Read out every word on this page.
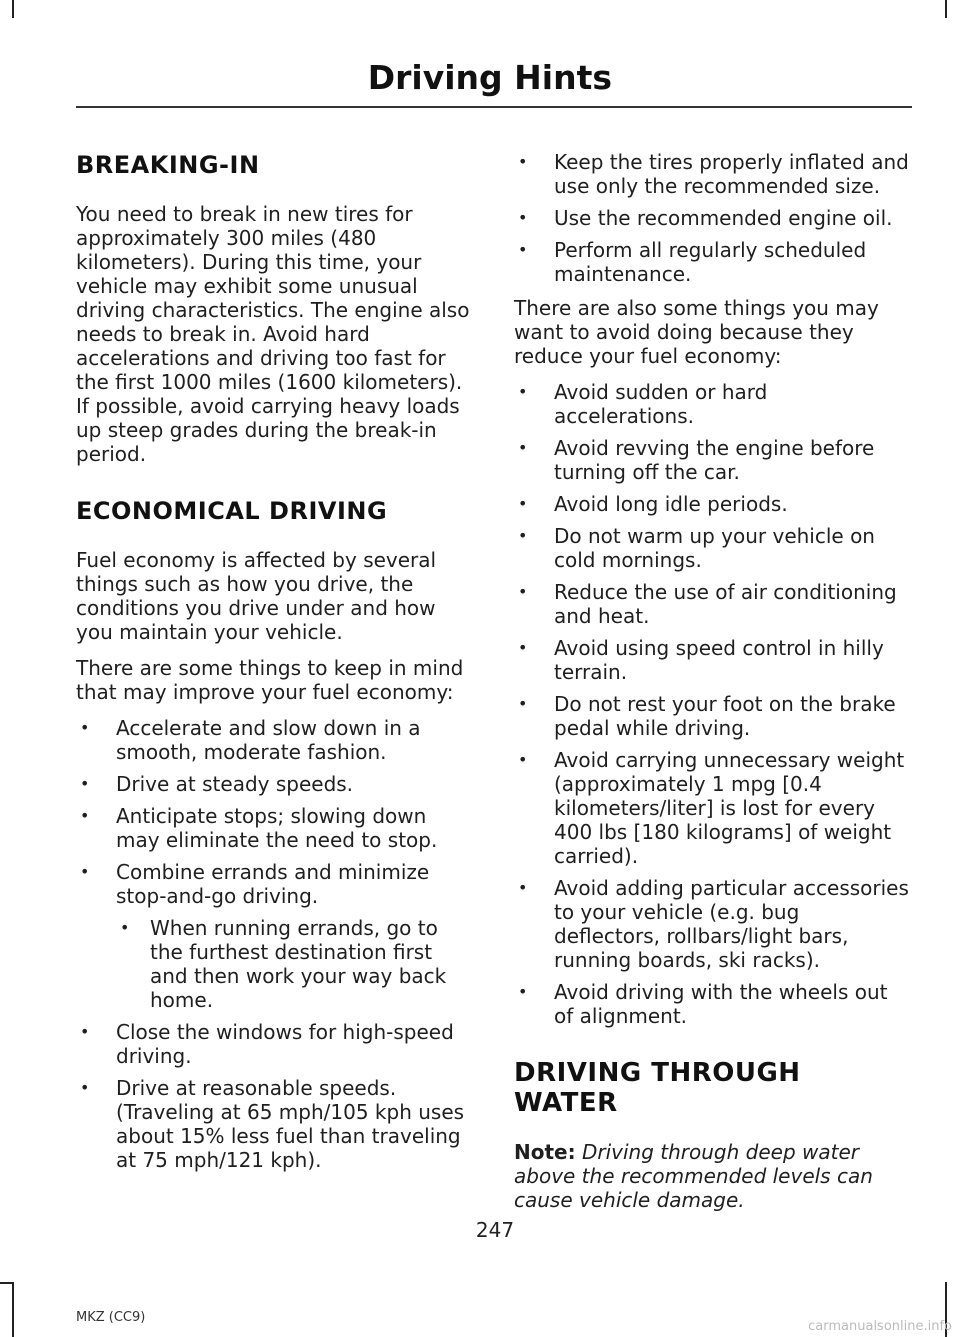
Driving Hints
BREAKING-IN

You need to break in new tires for approximately 300 miles (480 kilometers). During this time, your vehicle may exhibit some unusual driving characteristics. The engine also needs to break in. Avoid hard accelerations and driving too fast for the first 1000 miles (1600 kilometers). If possible, avoid carrying heavy loads up steep grades during the break-in period.

ECONOMICAL DRIVING

Fuel economy is affected by several things such as how you drive, the conditions you drive under and how you maintain your vehicle.

There are some things to keep in mind that may improve your fuel economy:

• Accelerate and slow down in a smooth, moderate fashion.
• Drive at steady speeds.
• Anticipate stops; slowing down may eliminate the need to stop.
• Combine errands and minimize stop-and-go driving.
• When running errands, go to the furthest destination first and then work your way back home.
• Close the windows for high-speed driving.
• Drive at reasonable speeds. (Traveling at 65 mph/105 kph uses about 15% less fuel than traveling at 75 mph/121 kph).
• Keep the tires properly inflated and use only the recommended size.
• Use the recommended engine oil.
• Perform all regularly scheduled maintenance.

There are also some things you may want to avoid doing because they reduce your fuel economy:

• Avoid sudden or hard accelerations.
• Avoid revving the engine before turning off the car.
• Avoid long idle periods.
• Do not warm up your vehicle on cold mornings.
• Reduce the use of air conditioning and heat.
• Avoid using speed control in hilly terrain.
• Do not rest your foot on the brake pedal while driving.
• Avoid carrying unnecessary weight (approximately 1 mpg [0.4 kilometers/liter] is lost for every 400 lbs [180 kilograms] of weight carried).
• Avoid adding particular accessories to your vehicle (e.g. bug deflectors, rollbars/light bars, running boards, ski racks).
• Avoid driving with the wheels out of alignment.
DRIVING THROUGH WATER

Note: Driving through deep water above the recommended levels can cause vehicle damage.

247
MKZ (CC9)
carmanualsonline.info
